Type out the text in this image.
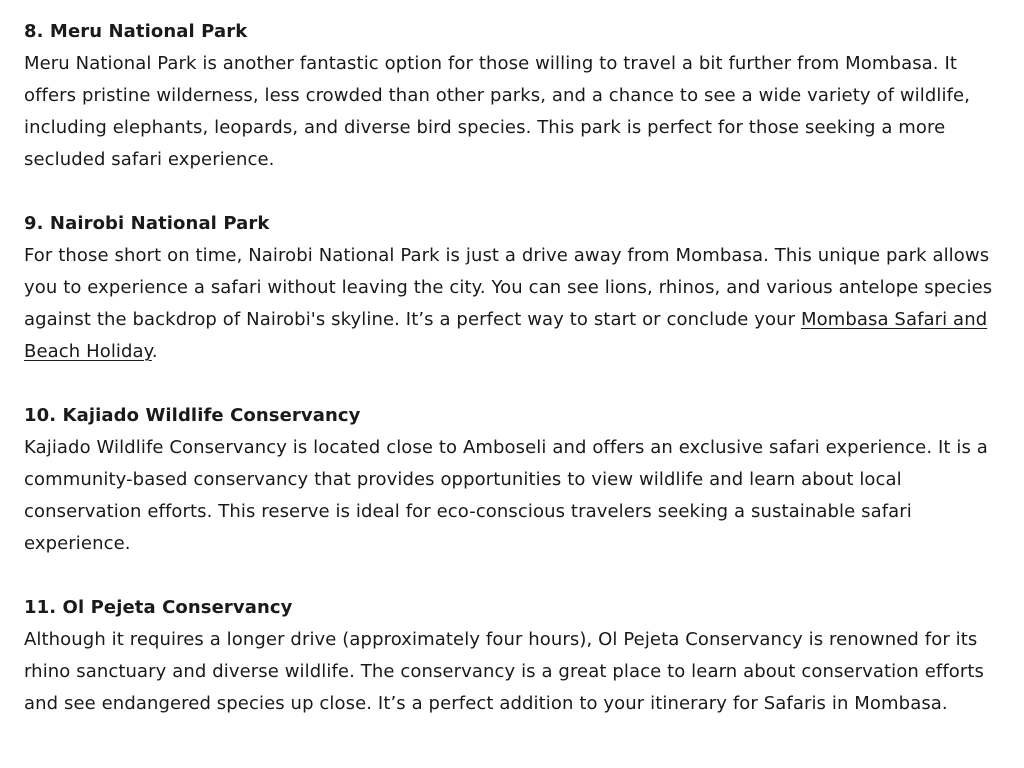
8. Meru National Park

Meru National Park is another fantastic option for those willing to travel a bit further from Mombasa. It offers pristine wilderness, less crowded than other parks, and a chance to see a wide variety of wildlife, including elephants, leopards, and diverse bird species. This park is perfect for those seeking a more secluded safari experience.

9. Nairobi National Park

For those short on time, Nairobi National Park is just a drive away from Mombasa. This unique park allows you to experience a safari without leaving the city. You can see lions, rhinos, and various antelope species against the backdrop of Nairobi's skyline. It’s a perfect way to start or conclude your Mombasa Safari and Beach Holiday.

10. Kajiado Wildlife Conservancy

Kajiado Wildlife Conservancy is located close to Amboseli and offers an exclusive safari experience. It is a community-based conservancy that provides opportunities to view wildlife and learn about local conservation efforts. This reserve is ideal for eco-conscious travelers seeking a sustainable safari experience.

11. Ol Pejeta Conservancy

Although it requires a longer drive (approximately four hours), Ol Pejeta Conservancy is renowned for its rhino sanctuary and diverse wildlife. The conservancy is a great place to learn about conservation efforts and see endangered species up close. It’s a perfect addition to your itinerary for Safaris in Mombasa.
